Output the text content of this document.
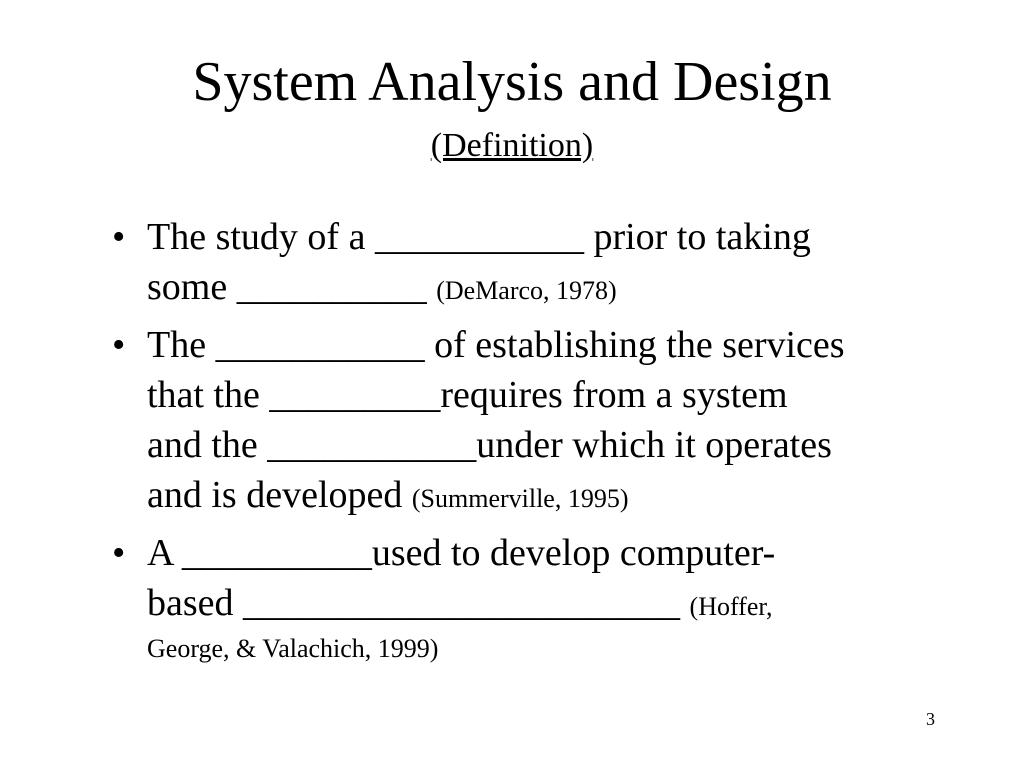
System Analysis and Design
(Definition)
• The study of a ___________ prior to taking
some __________ (DeMarco, 1978)
• The ___________ of establishing the services
that the _________requires from a system
and the ___________under which it operates
and is developed (Summerville, 1995)
• A __________used to develop computer-
based _______________________ (Hoffer,
George, & Valachich, 1999)
3
